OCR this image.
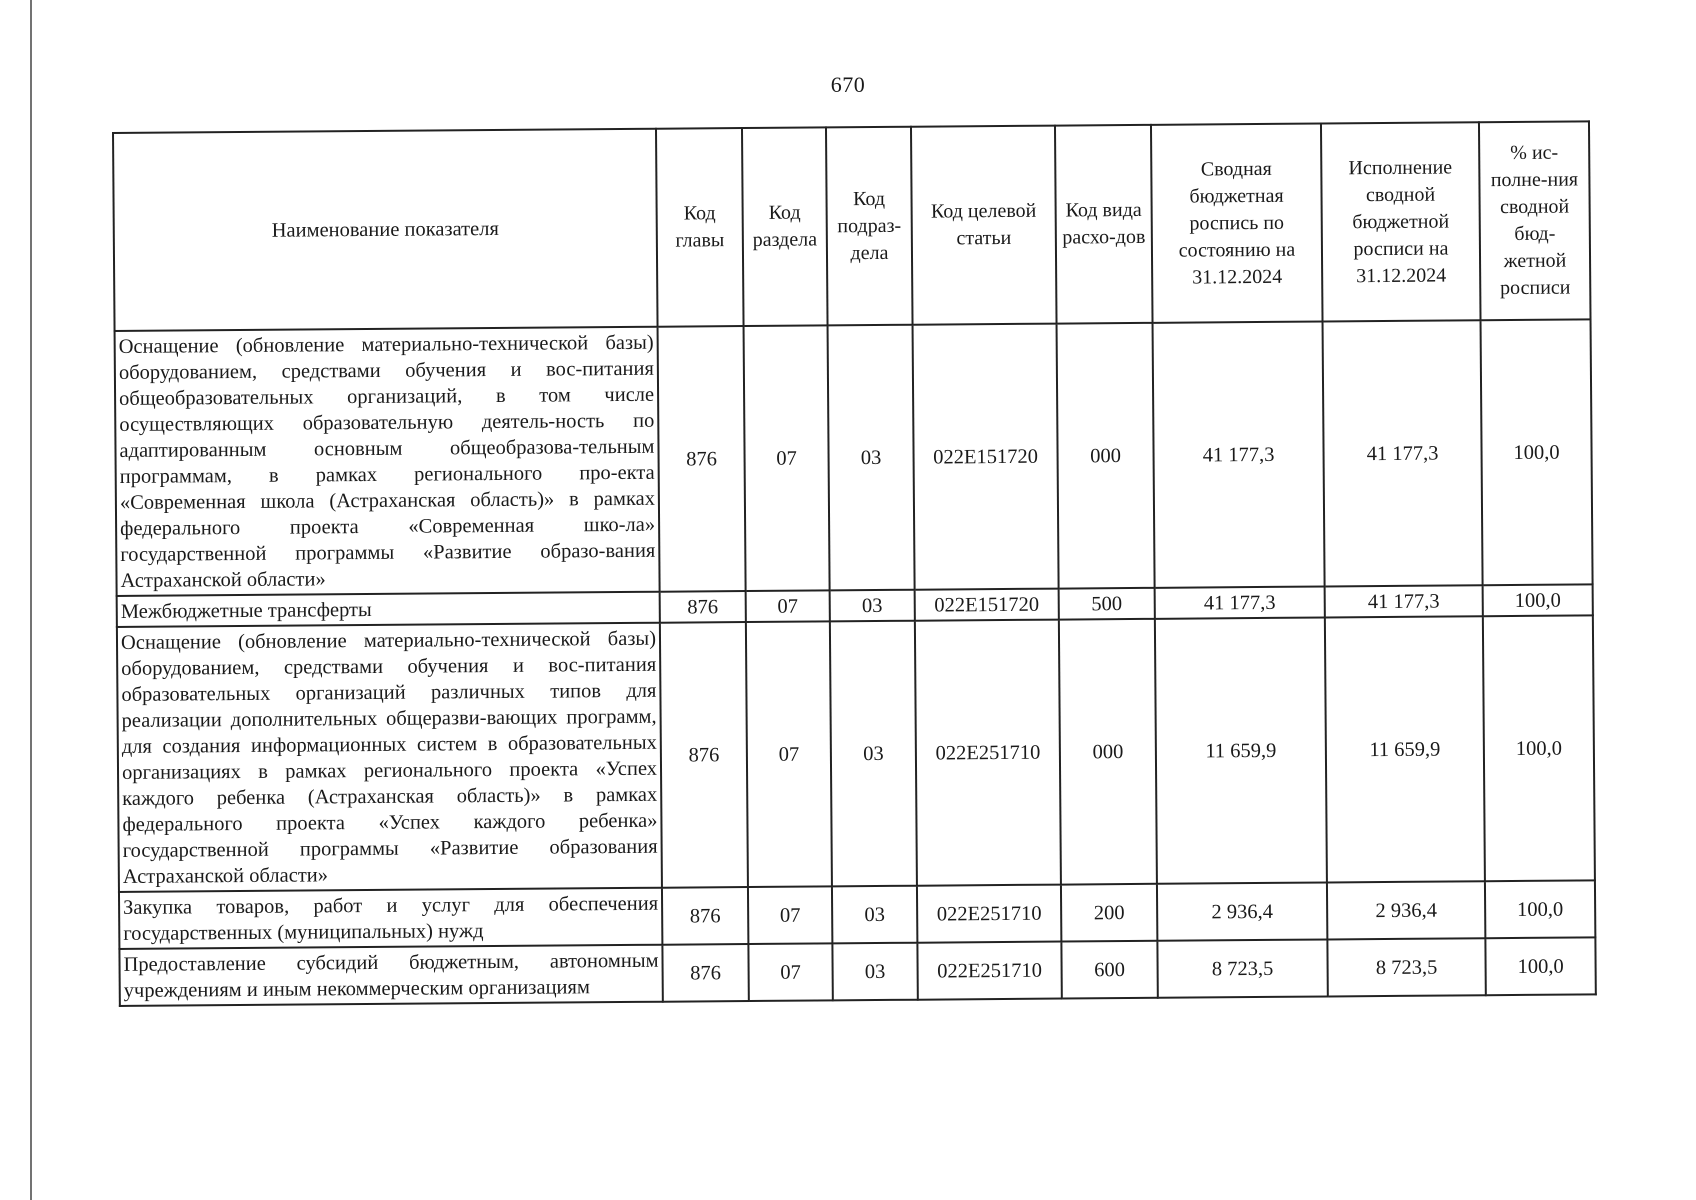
670
Наименование показателя	Код главы	Код раздела	Код подраз-дела	Код целевой статьи	Код вида расхо-дов	Сводная бюджетная роспись по состоянию на 31.12.2024	Исполнение сводной бюджетной росписи на 31.12.2024	% ис-полне-ния сводной бюд-жетной росписи
Оснащение (обновление материально-технической базы) оборудованием, средствами обучения и вос-питания общеобразовательных организаций, в том числе осуществляющих образовательную деятель-ность по адаптированным основным общеобразова-тельным программам, в рамках регионального про-екта «Современная школа (Астраханская область)» в рамках федерального проекта «Современная шко-ла» государственной программы «Развитие образо-вания Астраханской области»	876	07	03	022Е151720	000	41 177,3	41 177,3	100,0
Межбюджетные трансферты	876	07	03	022Е151720	500	41 177,3	41 177,3	100,0
Оснащение (обновление материально-технической базы) оборудованием, средствами обучения и вос-питания образовательных организаций различных типов для реализации дополнительных общеразви-вающих программ, для создания информационных систем в образовательных организациях в рамках регионального проекта «Успех каждого ребенка (Астраханская область)» в рамках федерального проекта «Успех каждого ребенка» государственной программы «Развитие образования Астраханской области»	876	07	03	022Е251710	000	11 659,9	11 659,9	100,0
Закупка товаров, работ и услуг для обеспечения государственных (муниципальных) нужд	876	07	03	022Е251710	200	2 936,4	2 936,4	100,0
Предоставление субсидий бюджетным, автономным учреждениям и иным некоммерческим организациям	876	07	03	022Е251710	600	8 723,5	8 723,5	100,0
